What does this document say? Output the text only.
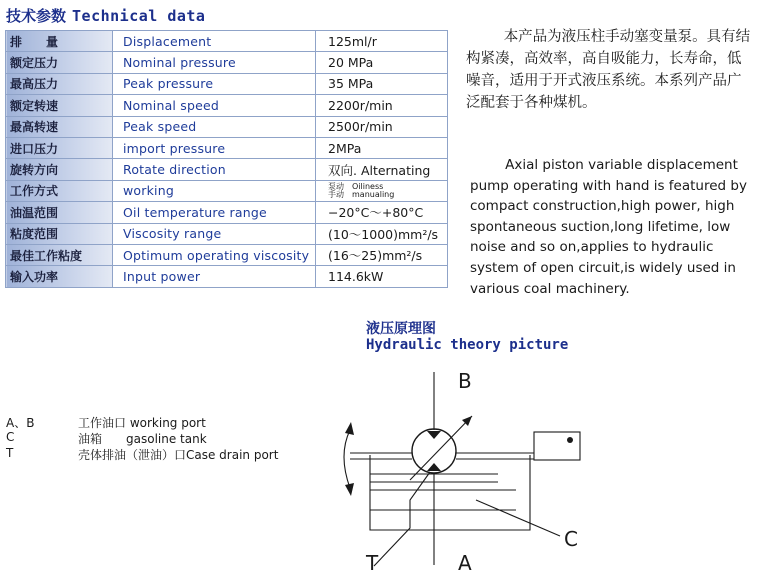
技术参数 Technical data
排　　量	Displacement	125ml/r
额定压力	Nominal pressure	20 MPa
最高压力	Peak pressure	35 MPa
额定转速	Nominal speed	2200r/min
最高转速	Peak speed	2500r/min
进口压力	import pressure	2MPa
旋转方向	Rotate direction	双向. Alternating
工作方式	working	泵动　Oiliness
手动　manualing
油温范围	Oil temperature range	−20°C～+80°C
粘度范围	Viscosity range	(10～1000)mm²/s
最佳工作粘度	Optimum operating viscosity	(16～25)mm²/s
输入功率	Input power	114.6kW
本产品为液压柱手动塞变量泵。具有结构紧凑，高效率，高自吸能力，长寿命，低噪音，适用于开式液压系统。本系列产品广泛配套于各种煤机。
Axial piston variable displacement pump operating with hand is featured by compact construction,high power, high spontaneous suction,long lifetime, low noise and so on,applies to hydraulic system of open circuit,is widely used in various coal machinery.
液压原理图
Hydraulic theory picture
A、B	工作油口 working port
C	油箱　　gasoline tank
T	壳体排油（泄油）口Case drain port
B
A
T
C
